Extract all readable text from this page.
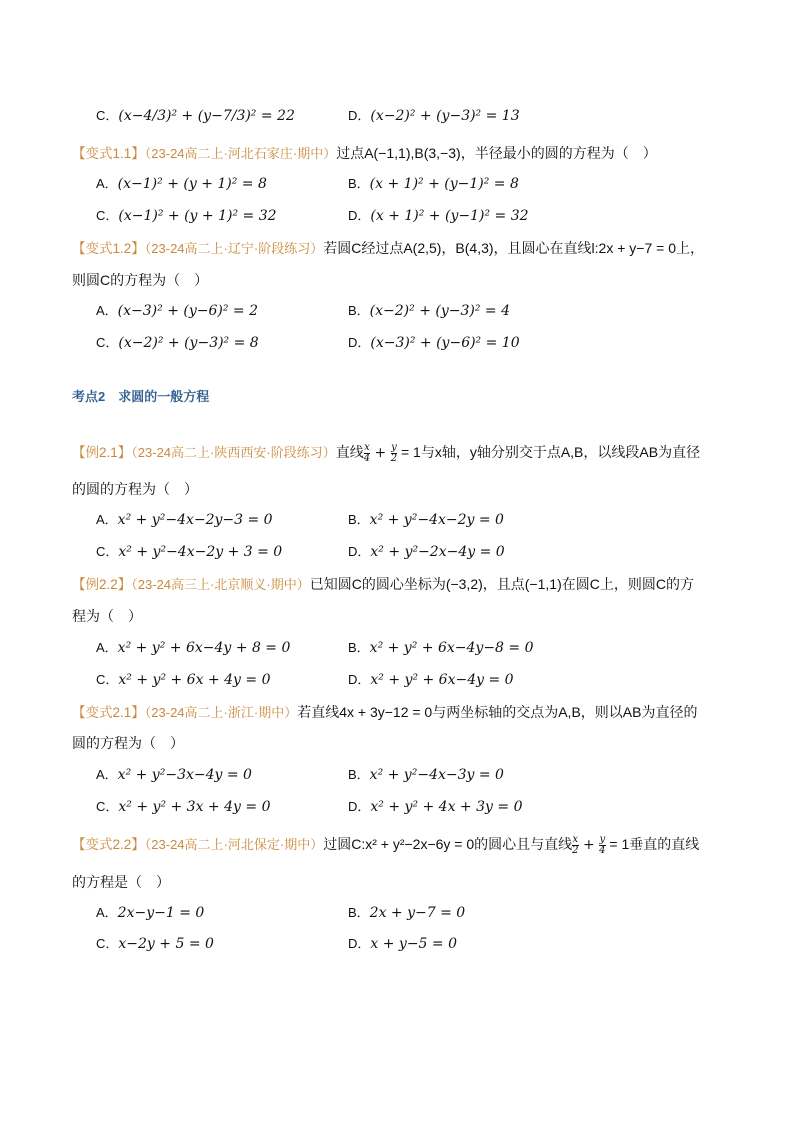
C．(x−4/3)² + (y−7/3)² = 22	D．(x−2)² + (y−3)² = 13
【变式1.1】（23-24高二上·河北石家庄·期中）过点A(−1,1),B(3,−3)，半径最小的圆的方程为（　）
A．(x−1)² + (y + 1)² = 8	B．(x + 1)² + (y−1)² = 8
C．(x−1)² + (y + 1)² = 32	D．(x + 1)² + (y−1)² = 32
【变式1.2】（23-24高二上·辽宁·阶段练习）若圆C经过点A(2,5)，B(4,3)，且圆心在直线l:2x + y−7 = 0上，
则圆C的方程为（　）
A．(x−3)² + (y−6)² = 2	B．(x−2)² + (y−3)² = 4
C．(x−2)² + (y−3)² = 8	D．(x−3)² + (y−6)² = 10
考点2　求圆的一般方程
【例2.1】（23-24高二上·陕西西安·阶段练习）直线 $\frac{x}{4} + \frac{y}{2} = 1$与x轴，y轴分别交于点A,B，以线段AB为直径
的圆的方程为（　）
A．x² + y²−4x−2y−3 = 0	B．x² + y²−4x−2y = 0
C．x² + y²−4x−2y + 3 = 0	D．x² + y²−2x−4y = 0
【例2.2】（23-24高三上·北京顺义·期中）已知圆C的圆心坐标为(−3,2)，且点(−1,1)在圆C上，则圆C的方
程为（　）
A．x² + y² + 6x−4y + 8 = 0	B．x² + y² + 6x−4y−8 = 0
C．x² + y² + 6x + 4y = 0	D．x² + y² + 6x−4y = 0
【变式2.1】（23-24高二上·浙江·期中）若直线4x + 3y−12 = 0与两坐标轴的交点为A,B，则以AB为直径的
圆的方程为（　）
A．x² + y²−3x−4y = 0	B．x² + y²−4x−3y = 0
C．x² + y² + 3x + 4y = 0	D．x² + y² + 4x + 3y = 0
【变式2.2】（23-24高二上·河北保定·期中）过圆C:x² + y²−2x−6y = 0的圆心且与直线 $\frac{x}{2} + \frac{y}{4} = 1$垂直的直线
的方程是（　）
A．2x−y−1 = 0	B．2x + y−7 = 0
C．x−2y + 5 = 0	D．x + y−5 = 0
